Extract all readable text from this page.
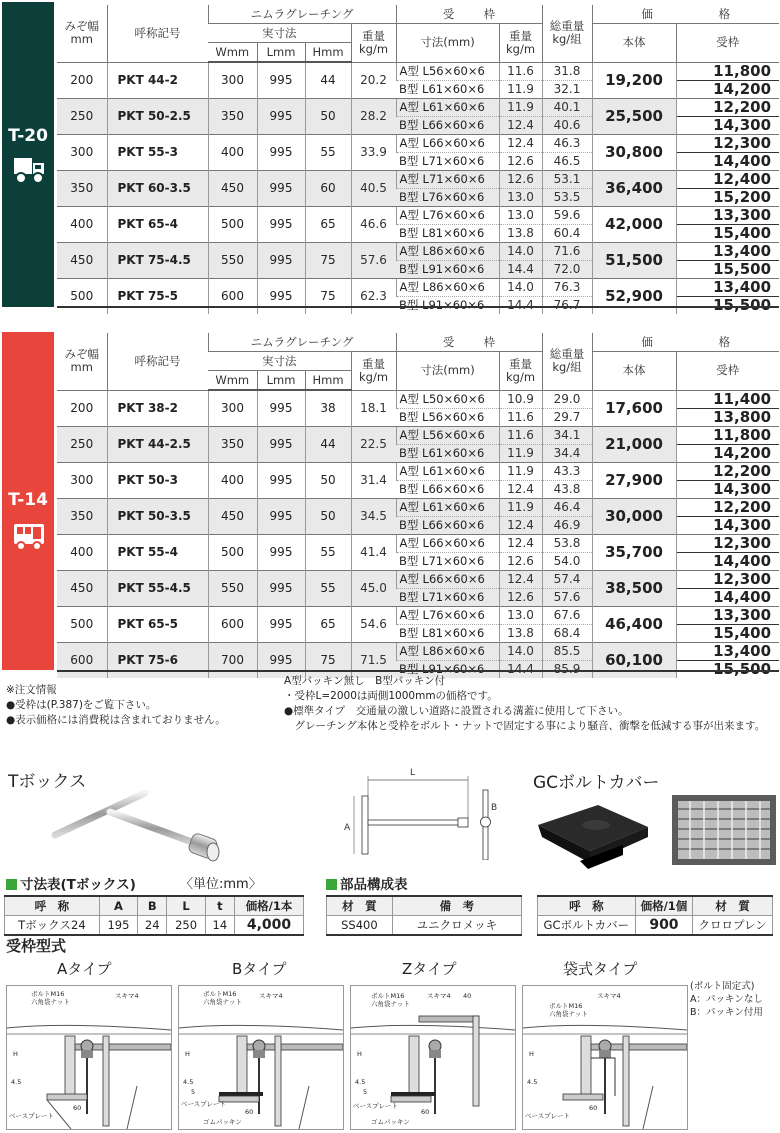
T-20
T-14
みぞ幅
mm	呼称記号	ニムラグレーチング				受 枠		総重量
kg/組	価 格	
		実寸法			重量
kg/m	寸法(mm)	重量
kg/m		本体	受枠
		Wmm	Lmm	Hmm						
200	PKT 44-2	300	995	44	20.2	A型 L56×60×6	11.6	31.8	19,200	11,800
						B型 L61×60×6	11.9	32.1		14,200
250	PKT 50-2.5	350	995	50	28.2	A型 L61×60×6	11.9	40.1	25,500	12,200
						B型 L66×60×6	12.4	40.6		14,300
300	PKT 55-3	400	995	55	33.9	A型 L66×60×6	12.4	46.3	30,800	12,300
						B型 L71×60×6	12.6	46.5		14,400
350	PKT 60-3.5	450	995	60	40.5	A型 L71×60×6	12.6	53.1	36,400	12,400
						B型 L76×60×6	13.0	53.5		15,200
400	PKT 65-4	500	995	65	46.6	A型 L76×60×6	13.0	59.6	42,000	13,300
						B型 L81×60×6	13.8	60.4		15,400
450	PKT 75-4.5	550	995	75	57.6	A型 L86×60×6	14.0	71.6	51,500	13,400
						B型 L91×60×6	14.4	72.0		15,500
500	PKT 75-5	600	995	75	62.3	A型 L86×60×6	14.0	76.3	52,900	13,400
						B型 L91×60×6	14.4	76.7		15,500
みぞ幅
mm	呼称記号	ニムラグレーチング				受 枠		総重量
kg/組	価 格	
		実寸法			重量
kg/m	寸法(mm)	重量
kg/m		本体	受枠
		Wmm	Lmm	Hmm						
200	PKT 38-2	300	995	38	18.1	A型 L50×60×6	10.9	29.0	17,600	11,400
						B型 L56×60×6	11.6	29.7		13,800
250	PKT 44-2.5	350	995	44	22.5	A型 L56×60×6	11.6	34.1	21,000	11,800
						B型 L61×60×6	11.9	34.4		14,200
300	PKT 50-3	400	995	50	31.4	A型 L61×60×6	11.9	43.3	27,900	12,200
						B型 L66×60×6	12.4	43.8		14,300
350	PKT 50-3.5	450	995	50	34.5	A型 L61×60×6	11.9	46.4	30,000	12,200
						B型 L66×60×6	12.4	46.9		14,300
400	PKT 55-4	500	995	55	41.4	A型 L66×60×6	12.4	53.8	35,700	12,300
						B型 L71×60×6	12.6	54.0		14,400
450	PKT 55-4.5	550	995	55	45.0	A型 L66×60×6	12.4	57.4	38,500	12,300
						B型 L71×60×6	12.6	57.6		14,400
500	PKT 65-5	600	995	65	54.6	A型 L76×60×6	13.0	67.6	46,400	13,300
						B型 L81×60×6	13.8	68.4		15,400
600	PKT 75-6	700	995	75	71.5	A型 L86×60×6	14.0	85.5	60,100	13,400
						B型 L91×60×6	14.4	85.9		15,500
※注文情報
●受枠は(P.387)をご覧下さい。
●表示価格には消費税は含まれておりません。
A型パッキン無し　B型パッキン付
・受枠L=2000は両側1000mmの価格です。
●標準タイプ　交通量の激しい道路に設置される溝蓋に使用して下さい。
　グレーチング本体と受枠をボルト・ナットで固定する事により騒音、衝撃を低減する事が出来ます。
Tボックス	L
A
B
GCボルトカバー
寸法表(Tボックス)	〈単位:mm〉
呼　称	A	B	L	t	価格/1本
Tボックス24	195	24	250	14	4,000
部品構成表
材　質	備　考
SS400	ユニクロメッキ
呼　称	価格/1個	材　質
GCボルトカバー	900	クロロプレン
受枠型式
Aタイプ	Bタイプ	Zタイプ	袋式タイプ
(ボルト固定式)
A：パッキンなし
B：パッキン付用
ボルトM16
六角袋ナット
スキマ4
ベースプレート
H
4.5
60
ボルトM16
六角袋ナット
スキマ4
ベースプレート
ゴムパッキン
H
4.5
5
60
ボルトM16
六角袋ナット
スキマ4 40
ベースプレート
ゴムパッキン
H
4.5
5
60
ボルトM16
六角袋ナット
スキマ4
ベースプレート
H
4.5
60
